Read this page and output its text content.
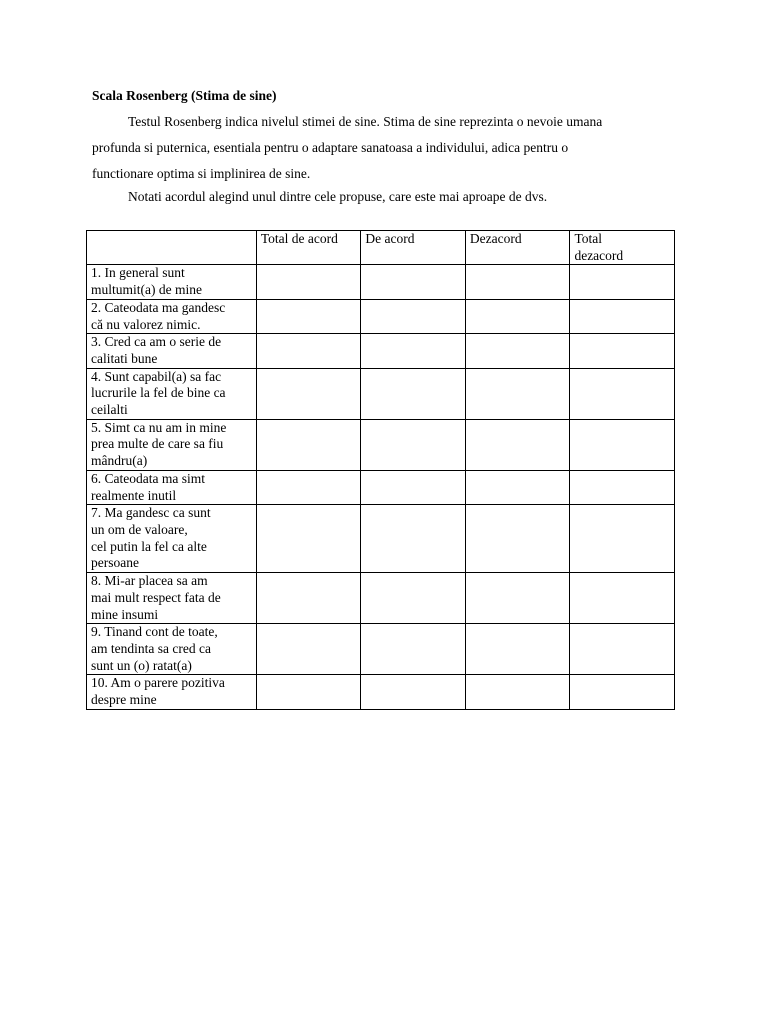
Scala Rosenberg (Stima de sine)

Testul Rosenberg indica nivelul stimei de sine. Stima de sine reprezinta o nevoie umana
profunda si puternica, esentiala pentru o adaptare sanatoasa a individului, adica pentru o
functionare optima si implinirea de sine.

Notati acordul alegind unul dintre cele propuse, care este mai aproape de dvs.

	Total de acord	De acord	Dezacord	Total
dezacord
1. In general sunt
multumit(a) de mine				
2. Cateodata ma gandesc
că nu valorez nimic.				
3. Cred ca am o serie de
calitati bune				
4. Sunt capabil(a) sa fac
lucrurile la fel de bine ca
ceilalti				
5. Simt ca nu am in mine
prea multe de care sa fiu
mândru(a)				
6. Cateodata ma simt
realmente inutil				
7. Ma gandesc ca sunt
un om de valoare,
cel putin la fel ca alte
persoane				
8. Mi-ar placea sa am
mai mult respect fata de
mine insumi				
9. Tinand cont de toate,
am tendinta sa cred ca
sunt un (o) ratat(a)				
10. Am o parere pozitiva
despre mine				
